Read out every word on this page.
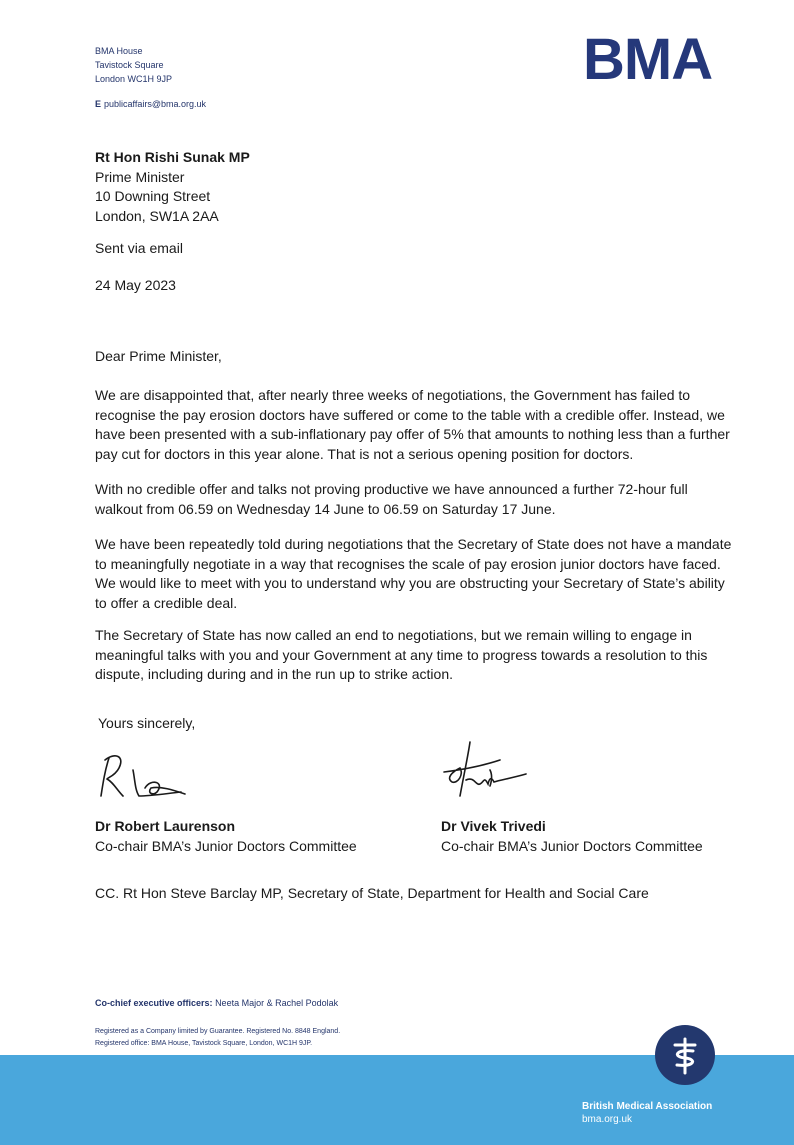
BMA House
Tavistock Square
London WC1H 9JP
E publicaffairs@bma.org.uk
BMA
Rt Hon Rishi Sunak MP
Prime Minister
10 Downing Street
London, SW1A 2AA
Sent via email
24 May 2023
Dear Prime Minister,
We are disappointed that, after nearly three weeks of negotiations, the Government has failed to recognise the pay erosion doctors have suffered or come to the table with a credible offer. Instead, we have been presented with a sub-inflationary pay offer of 5% that amounts to nothing less than a further pay cut for doctors in this year alone. That is not a serious opening position for doctors.
With no credible offer and talks not proving productive we have announced a further 72-hour full walkout from 06.59 on Wednesday 14 June to 06.59 on Saturday 17 June.
We have been repeatedly told during negotiations that the Secretary of State does not have a mandate to meaningfully negotiate in a way that recognises the scale of pay erosion junior doctors have faced. We would like to meet with you to understand why you are obstructing your Secretary of State’s ability to offer a credible deal.
The Secretary of State has now called an end to negotiations, but we remain willing to engage in meaningful talks with you and your Government at any time to progress towards a resolution to this dispute, including during and in the run up to strike action.
Yours sincerely,
Dr Robert Laurenson
Co-chair BMA’s Junior Doctors Committee
Dr Vivek Trivedi
Co-chair BMA’s Junior Doctors Committee
CC. Rt Hon Steve Barclay MP, Secretary of State, Department for Health and Social Care
Co-chief executive officers: Neeta Major & Rachel Podolak
Registered as a Company limited by Guarantee. Registered No. 8848 England.
Registered office: BMA House, Tavistock Square, London, WC1H 9JP.
British Medical Association
bma.org.uk
